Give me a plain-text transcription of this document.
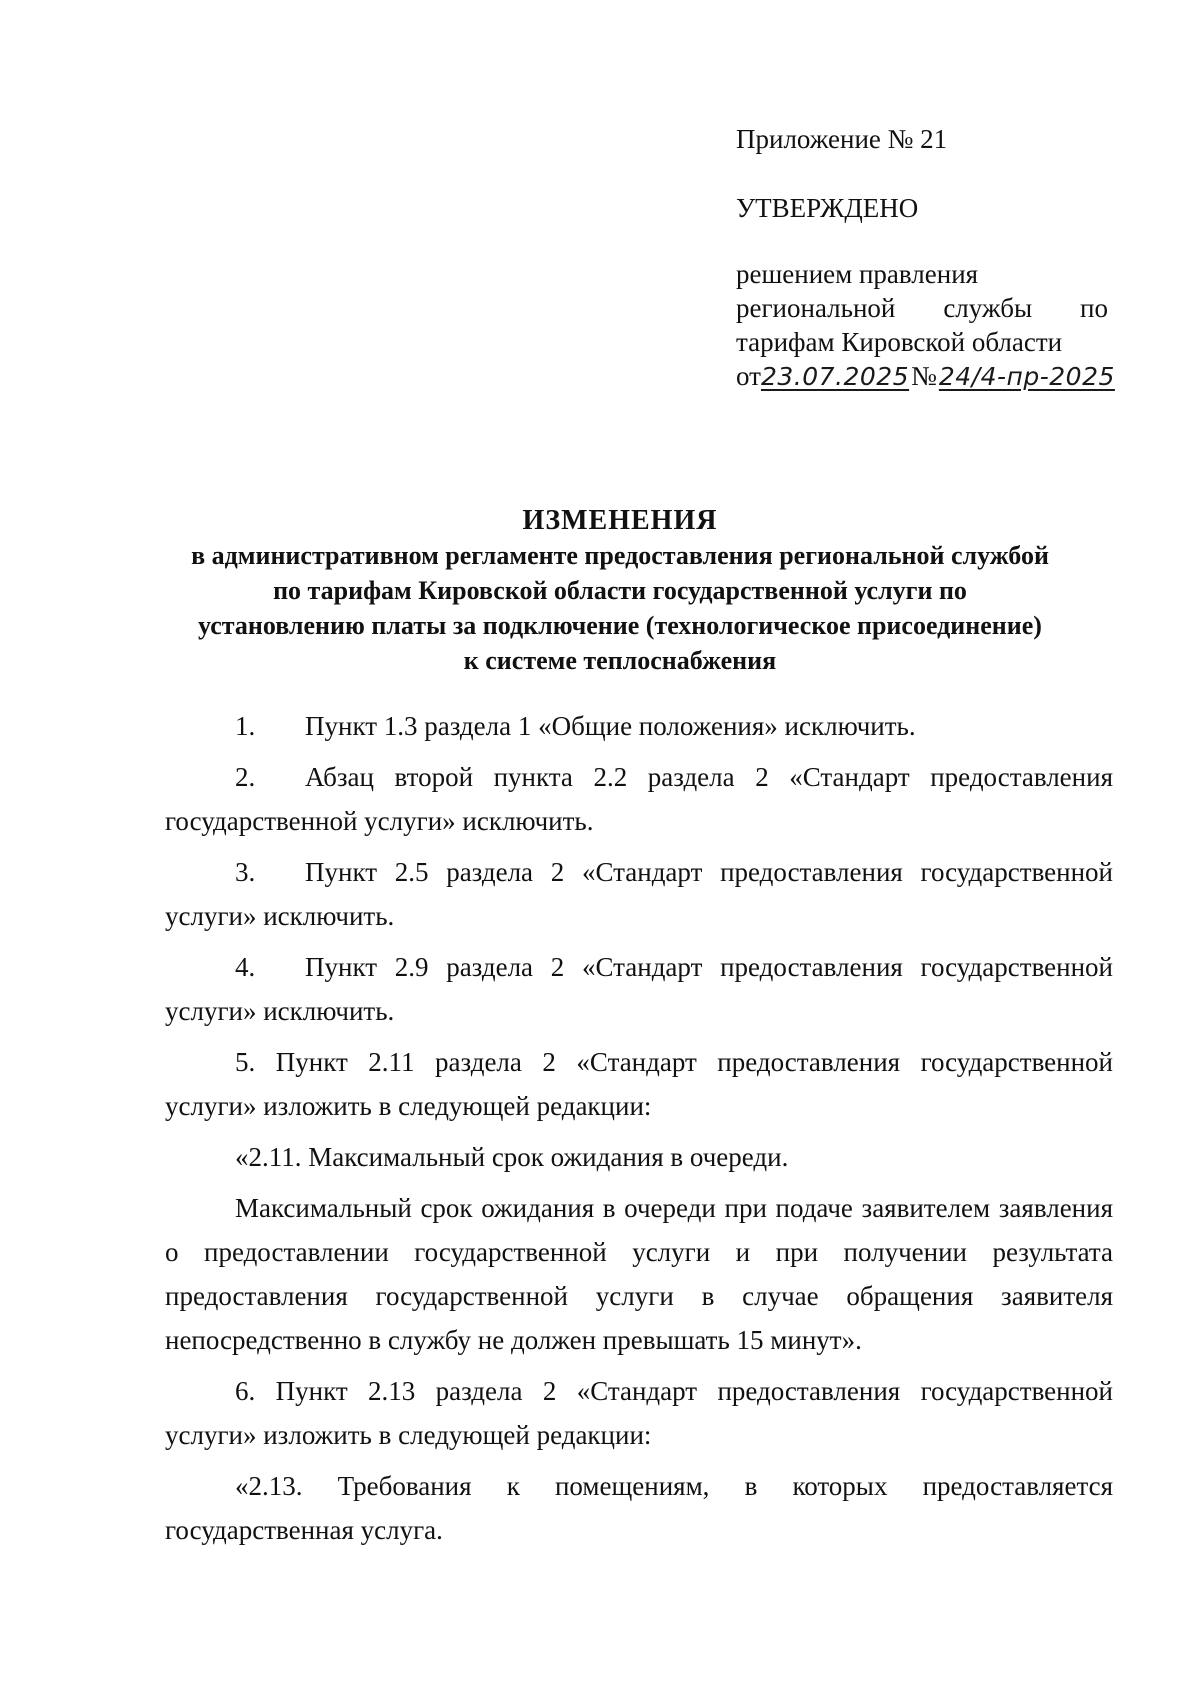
Приложение № 21

УТВЕРЖДЕНО

решением правления
региональной службы по
тарифам Кировской области
от 23.07.2025 № 24/4-пр-2025
ИЗМЕНЕНИЯ
в административном регламенте предоставления региональной службой
по тарифам Кировской области государственной услуги по
установлению платы за подключение (технологическое присоединение)
к системе теплоснабжения

1. Пункт 1.3 раздела 1 «Общие положения» исключить.

2. Абзац второй пункта 2.2 раздела 2 «Стандарт предоставления государственной услуги» исключить.

3. Пункт 2.5 раздела 2 «Стандарт предоставления государственной услуги» исключить.

4. Пункт 2.9 раздела 2 «Стандарт предоставления государственной услуги» исключить.

5. Пункт 2.11 раздела 2 «Стандарт предоставления государственной услуги» изложить в следующей редакции:

«2.11. Максимальный срок ожидания в очереди.

Максимальный срок ожидания в очереди при подаче заявителем заявления о предоставлении государственной услуги и при получении результата предоставления государственной услуги в случае обращения заявителя непосредственно в службу не должен превышать 15 минут».

6. Пункт 2.13 раздела 2 «Стандарт предоставления государственной услуги» изложить в следующей редакции:

«2.13. Требования к помещениям, в которых предоставляется государственная услуга.
